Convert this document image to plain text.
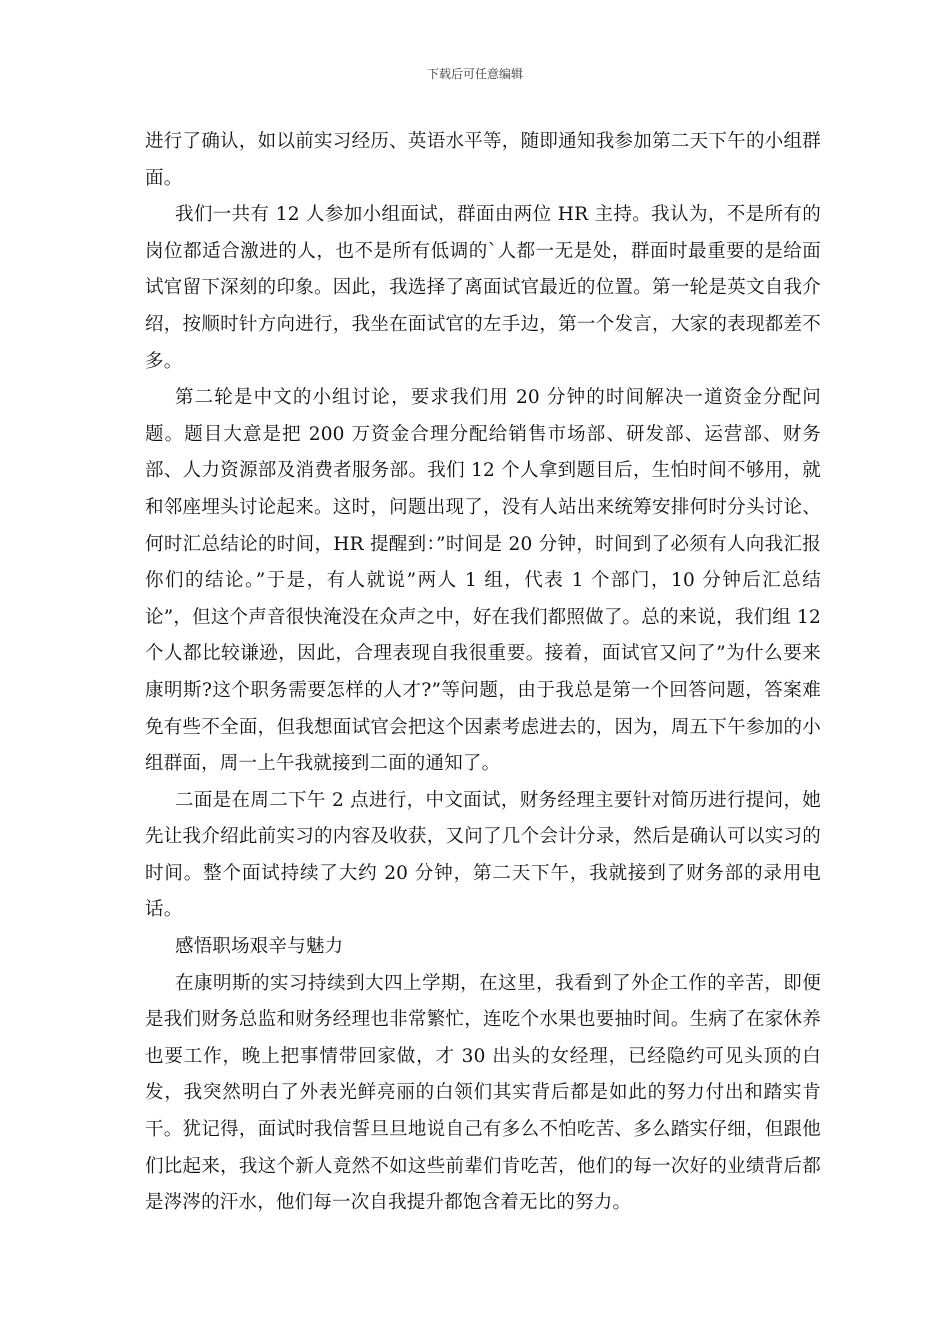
下载后可任意编辑

进行了确认，如以前实习经历、英语水平等，随即通知我参加第二天下午的小组群面。

我们一共有 12 人参加小组面试，群面由两位 HR 主持。我认为，不是所有的岗位都适合激进的人，也不是所有低调的`人都一无是处，群面时最重要的是给面试官留下深刻的印象。因此，我选择了离面试官最近的位置。第一轮是英文自我介绍，按顺时针方向进行，我坐在面试官的左手边，第一个发言，大家的表现都差不多。

第二轮是中文的小组讨论，要求我们用 20 分钟的时间解决一道资金分配问题。题目大意是把 200 万资金合理分配给销售市场部、研发部、运营部、财务部、人力资源部及消费者服务部。我们 12 个人拿到题目后，生怕时间不够用，就和邻座埋头讨论起来。这时，问题出现了，没有人站出来统筹安排何时分头讨论、何时汇总结论的时间，HR 提醒到：”时间是 20 分钟，时间到了必须有人向我汇报你们的结论。”于是，有人就说”两人 1 组，代表 1 个部门，10 分钟后汇总结论”，但这个声音很快淹没在众声之中，好在我们都照做了。总的来说，我们组 12 个人都比较谦逊，因此，合理表现自我很重要。接着，面试官又问了”为什么要来康明斯?这个职务需要怎样的人才?”等问题，由于我总是第一个回答问题，答案难免有些不全面，但我想面试官会把这个因素考虑进去的，因为，周五下午参加的小组群面，周一上午我就接到二面的通知了。

二面是在周二下午 2 点进行，中文面试，财务经理主要针对简历进行提问，她先让我介绍此前实习的内容及收获，又问了几个会计分录，然后是确认可以实习的时间。整个面试持续了大约 20 分钟，第二天下午，我就接到了财务部的录用电话。

感悟职场艰辛与魅力

在康明斯的实习持续到大四上学期，在这里，我看到了外企工作的辛苦，即便是我们财务总监和财务经理也非常繁忙，连吃个水果也要抽时间。生病了在家休养也要工作，晚上把事情带回家做，才 30 出头的女经理，已经隐约可见头顶的白发，我突然明白了外表光鲜亮丽的白领们其实背后都是如此的努力付出和踏实肯干。犹记得，面试时我信誓旦旦地说自己有多么不怕吃苦、多么踏实仔细，但跟他们比起来，我这个新人竟然不如这些前辈们肯吃苦，他们的每一次好的业绩背后都是涔涔的汗水，他们每一次自我提升都饱含着无比的努力。
